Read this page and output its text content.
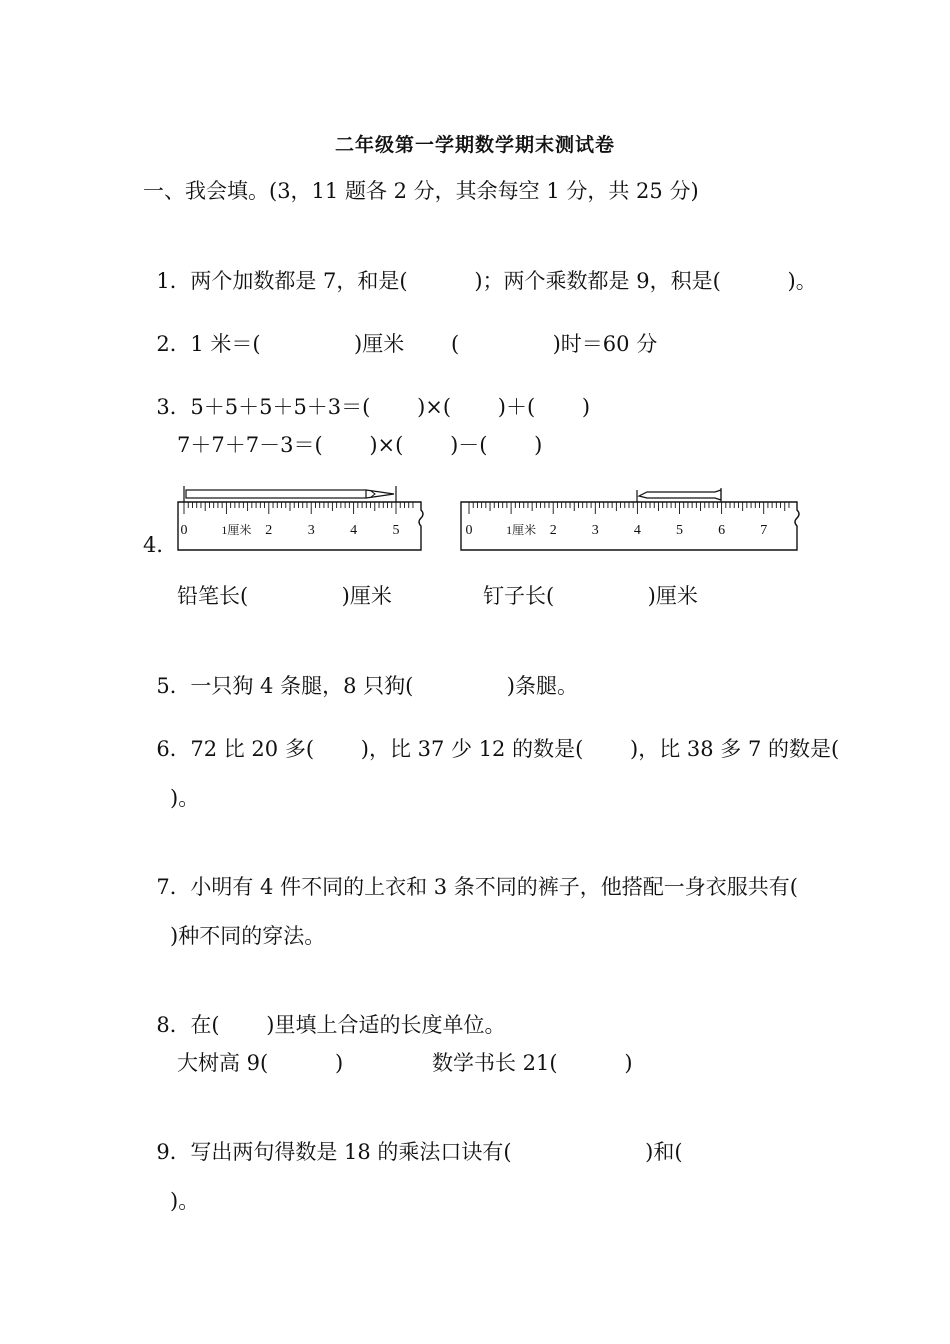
二年级第一学期数学期末测试卷
一、我会填。(3，11 题各 2 分，其余每空 1 分，共 25 分)

1．两个加数都是 7，和是(          )；两个乘数都是 9，积是(          )。

2．1 米＝(              )厘米       (              )时＝60 分

3．5＋5＋5＋5＋3＝(       )×(       )＋(       )

7＋7＋7－3＝(       )×(       )－(       )
4．
0	1厘米 2	3	4	5	0	1厘米 2	3	4	5	6	7
铅笔长(              )厘米	钉子长(              )厘米

5．一只狗 4 条腿，8 只狗(              )条腿。

6．72 比 20 多(       )，比 37 少 12 的数是(       )，比 38 多 7 的数是(

)。

7．小明有 4 件不同的上衣和 3 条不同的裤子，他搭配一身衣服共有(

)种不同的穿法。

8．在(       )里填上合适的长度单位。

大树高 9(          )	数学书长 21(          )

9．写出两句得数是 18 的乘法口诀有(                    )和(

)。
